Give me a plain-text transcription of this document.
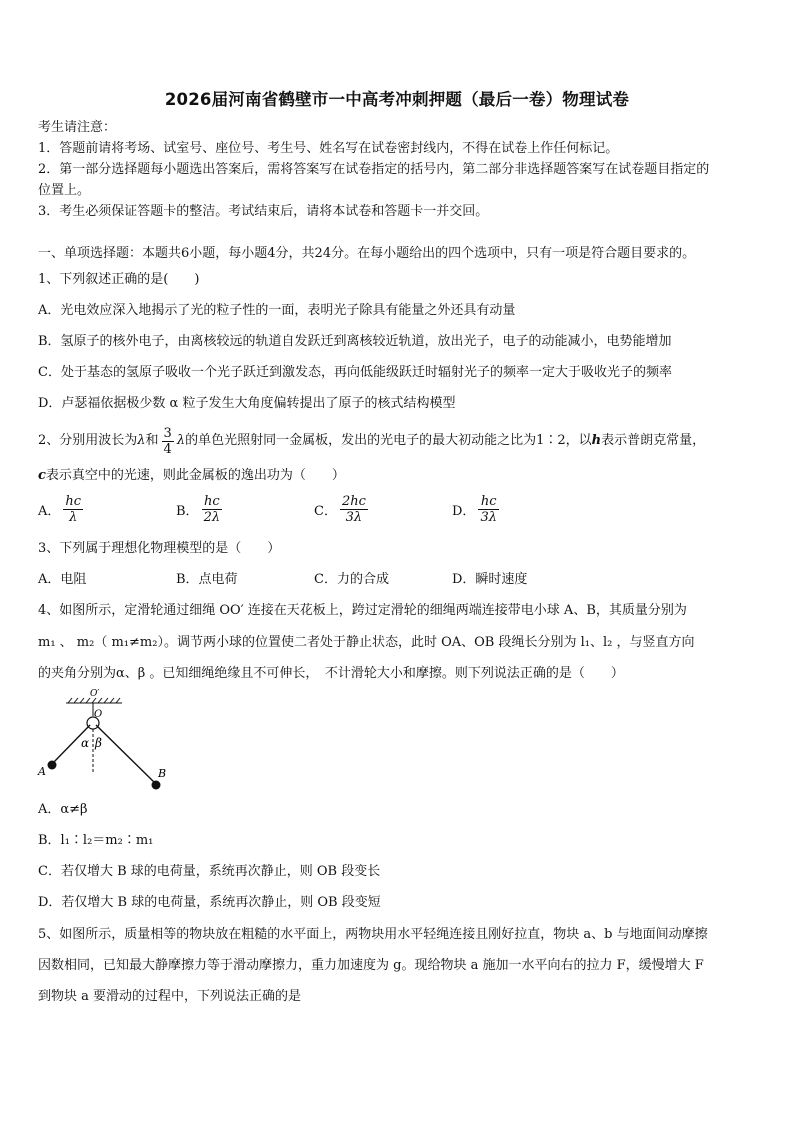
2026届河南省鹤壁市一中高考冲刺押题（最后一卷）物理试卷
考生请注意：
1．答题前请将考场、试室号、座位号、考生号、姓名写在试卷密封线内，不得在试卷上作任何标记。
2．第一部分选择题每小题选出答案后，需将答案写在试卷指定的括号内，第二部分非选择题答案写在试卷题目指定的
位置上。
3．考生必须保证答题卡的整洁。考试结束后，请将本试卷和答题卡一并交回。
一、单项选择题：本题共6小题，每小题4分，共24分。在每小题给出的四个选项中，只有一项是符合题目要求的。
1、下列叙述正确的是(　　)
A．光电效应深入地揭示了光的粒子性的一面，表明光子除具有能量之外还具有动量
B．氢原子的核外电子，由离核较远的轨道自发跃迁到离核较近轨道，放出光子，电子的动能减小，电势能增加
C．处于基态的氢原子吸收一个光子跃迁到激发态，再向低能级跃迁时辐射光子的频率一定大于吸收光子的频率
D．卢瑟福依据极少数 α 粒子发生大角度偏转提出了原子的核式结构模型
2、分别用波长为 λ 和 $\frac{3}{4}$ λ 的单色光照射同一金属板，发出的光电子的最大初动能之比为1∶2，以 h 表示普朗克常量，
c表示真空中的光速，则此金属板的逸出功为（　　）
A． $\frac{hc}{\lambda}$	B． $\frac{hc}{2\lambda}$	C． $\frac{2hc}{3\lambda}$	D． $\frac{hc}{3\lambda}$
3、下列属于理想化物理模型的是（　　）
A．电阻	B．点电荷	C．力的合成	D．瞬时速度
4、如图所示，定滑轮通过细绳 OO′ 连接在天花板上，跨过定滑轮的细绳两端连接带电小球 A、B，其质量分别为
m₁ 、 m₂（ m₁≠m₂）。调节两小球的位置使二者处于静止状态，此时 OA、OB 段绳长分别为 l₁、l₂ ，与竖直方向
的夹角分别为α、β 。已知细绳绝缘且不可伸长，　不计滑轮大小和摩擦。则下列说法正确的是（　　）
O′
O
α β
A	B
A．α≠β
B．l₁∶l₂＝m₂∶m₁
C．若仅增大 B 球的电荷量，系统再次静止，则 OB 段变长
D．若仅增大 B 球的电荷量，系统再次静止，则 OB 段变短
5、如图所示，质量相等的物块放在粗糙的水平面上，两物块用水平轻绳连接且刚好拉直，物块 a、b 与地面间动摩擦
因数相同，已知最大静摩擦力等于滑动摩擦力，重力加速度为 g。现给物块 a 施加一水平向右的拉力 F，缓慢增大 F
到物块 a 要滑动的过程中，下列说法正确的是
